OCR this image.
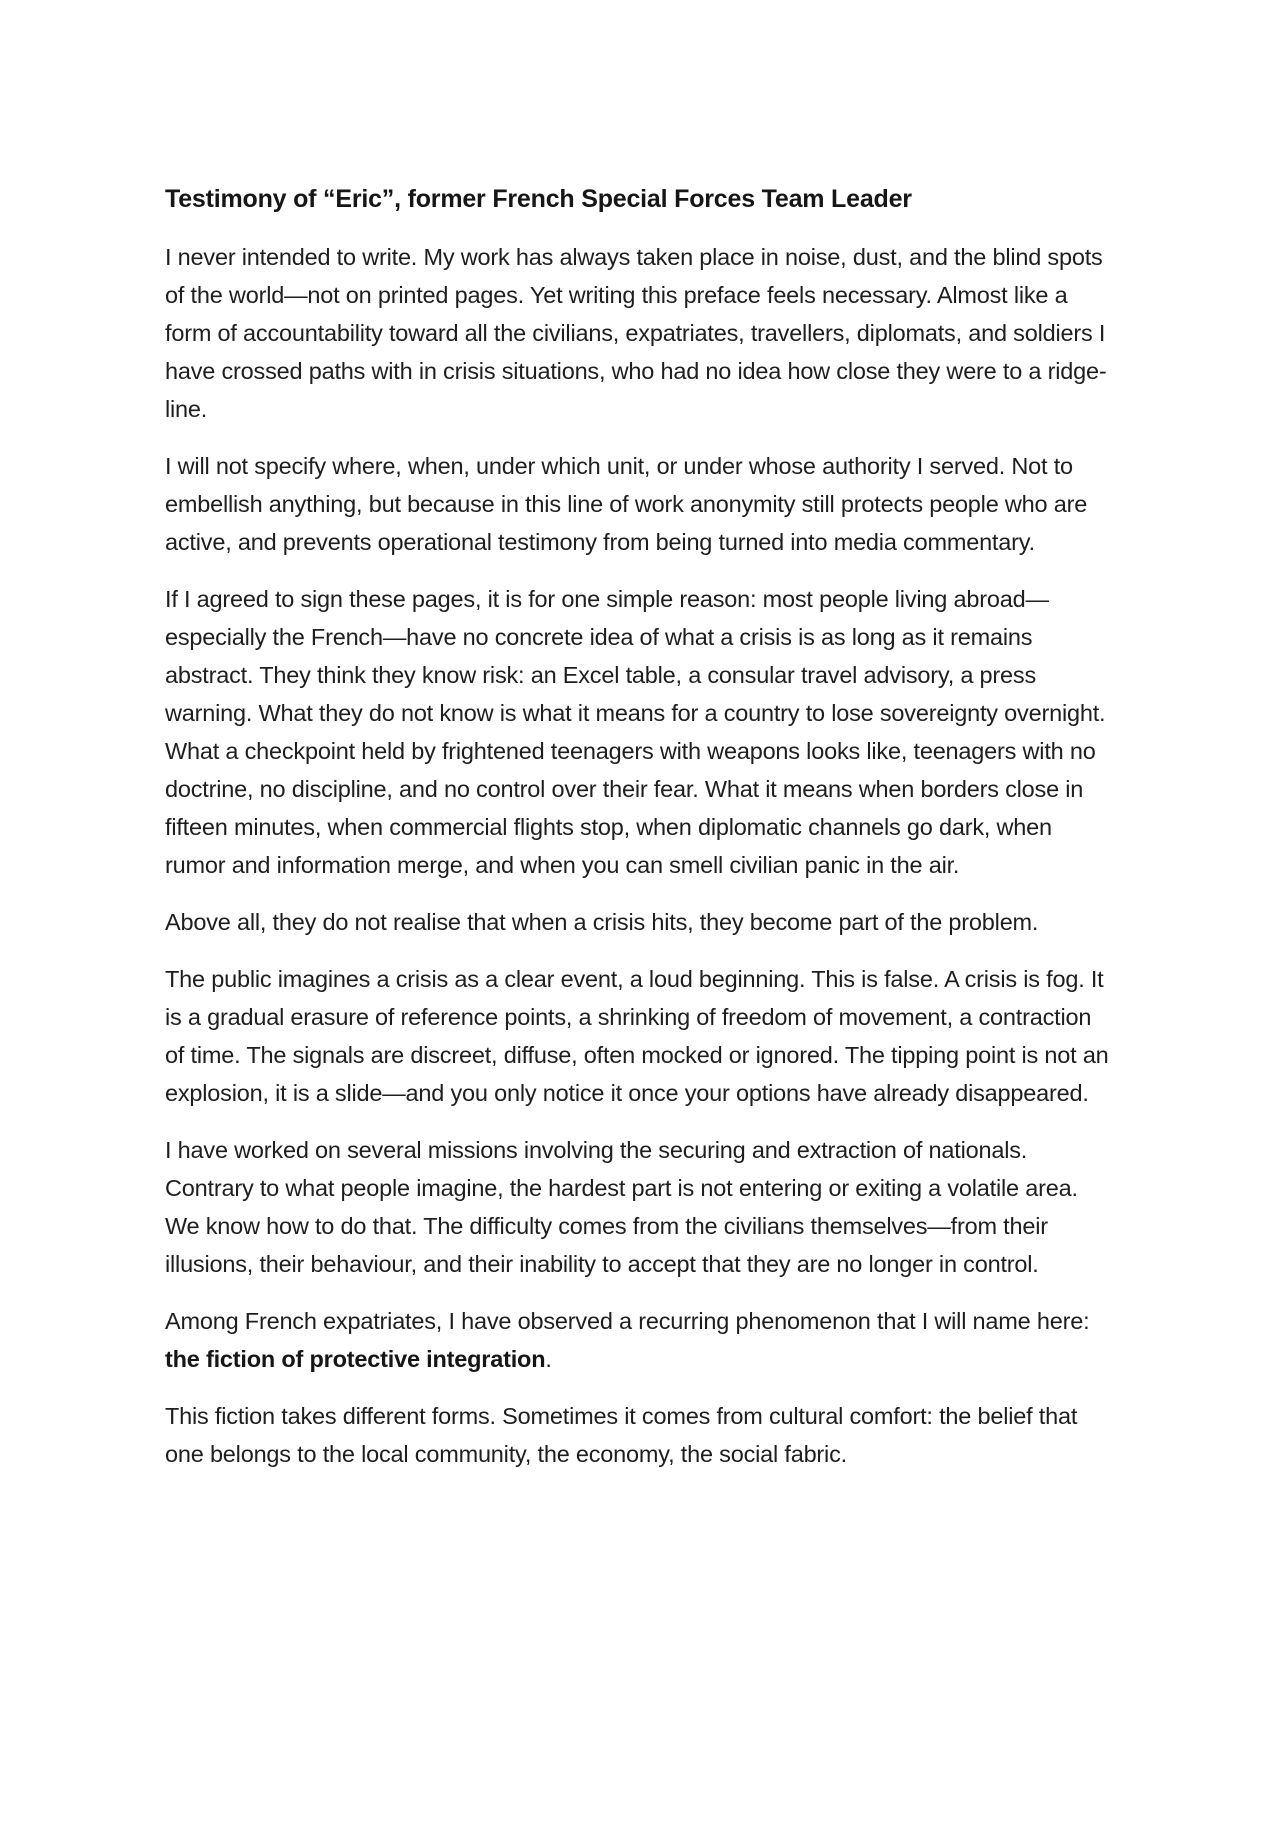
Testimony of “Eric”, former French Special Forces Team Leader

I never intended to write. My work has always taken place in noise, dust, and the blind spots of the world—not on printed pages. Yet writing this preface feels necessary. Almost like a form of accountability toward all the civilians, expatriates, travellers, diplomats, and soldiers I have crossed paths with in crisis situations, who had no idea how close they were to a ridge-line.

I will not specify where, when, under which unit, or under whose authority I served. Not to embellish anything, but because in this line of work anonymity still protects people who are active, and prevents operational testimony from being turned into media commentary.

If I agreed to sign these pages, it is for one simple reason: most people living abroad—especially the French—have no concrete idea of what a crisis is as long as it remains abstract. They think they know risk: an Excel table, a consular travel advisory, a press warning. What they do not know is what it means for a country to lose sovereignty overnight. What a checkpoint held by frightened teenagers with weapons looks like, teenagers with no doctrine, no discipline, and no control over their fear. What it means when borders close in fifteen minutes, when commercial flights stop, when diplomatic channels go dark, when rumor and information merge, and when you can smell civilian panic in the air.

Above all, they do not realise that when a crisis hits, they become part of the problem.

The public imagines a crisis as a clear event, a loud beginning. This is false. A crisis is fog. It is a gradual erasure of reference points, a shrinking of freedom of movement, a contraction of time. The signals are discreet, diffuse, often mocked or ignored. The tipping point is not an explosion, it is a slide—and you only notice it once your options have already disappeared.

I have worked on several missions involving the securing and extraction of nationals. Contrary to what people imagine, the hardest part is not entering or exiting a volatile area. We know how to do that. The difficulty comes from the civilians themselves—from their illusions, their behaviour, and their inability to accept that they are no longer in control.

Among French expatriates, I have observed a recurring phenomenon that I will name here: the fiction of protective integration.

This fiction takes different forms. Sometimes it comes from cultural comfort: the belief that one belongs to the local community, the economy, the social fabric.
